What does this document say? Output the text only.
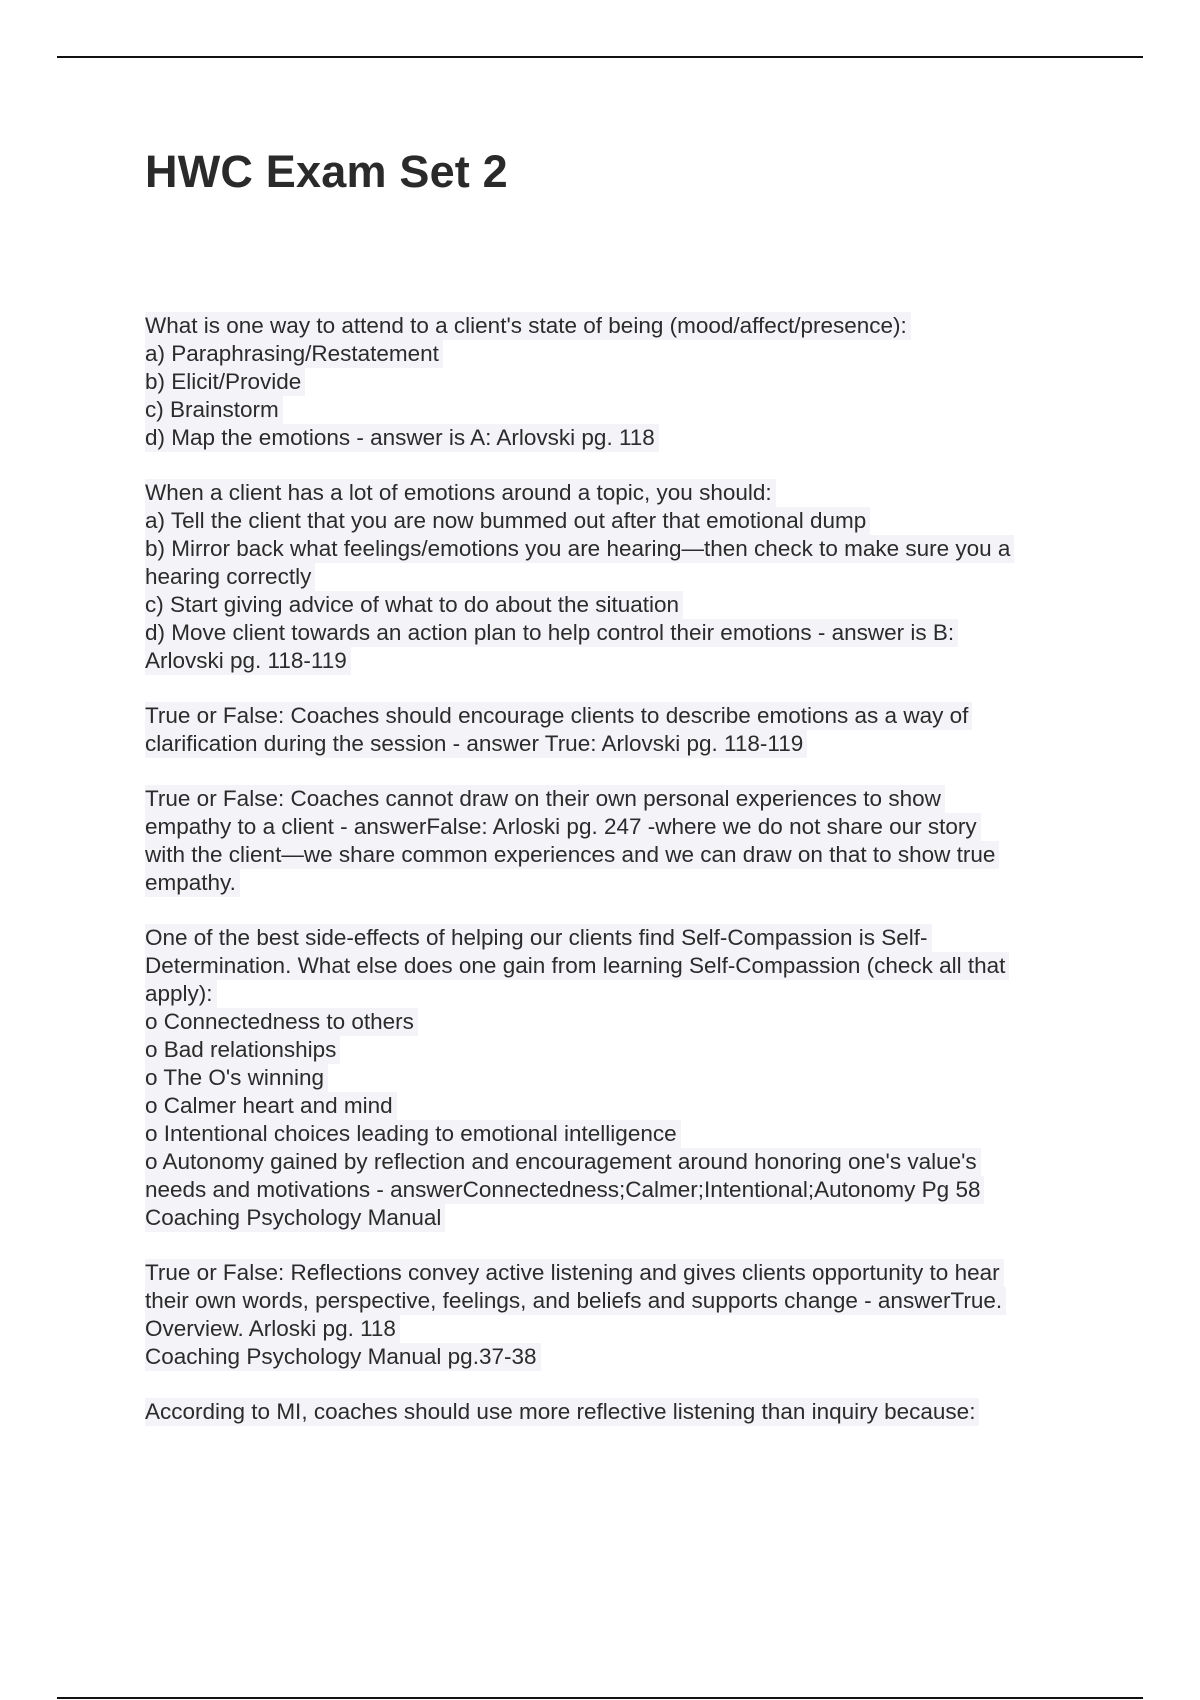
HWC Exam Set 2
What is one way to attend to a client's state of being (mood/affect/presence):
a) Paraphrasing/Restatement
b) Elicit/Provide
c) Brainstorm
d) Map the emotions - answer is A: Arlovski pg. 118
When a client has a lot of emotions around a topic, you should:
a) Tell the client that you are now bummed out after that emotional dump
b) Mirror back what feelings/emotions you are hearing—then check to make sure you a
hearing correctly
c) Start giving advice of what to do about the situation
d) Move client towards an action plan to help control their emotions - answer is B:
Arlovski pg. 118-119
True or False: Coaches should encourage clients to describe emotions as a way of
clarification during the session - answer True: Arlovski pg. 118-119
True or False: Coaches cannot draw on their own personal experiences to show
empathy to a client - answerFalse: Arloski pg. 247 -where we do not share our story
with the client—we share common experiences and we can draw on that to show true
empathy.
One of the best side-effects of helping our clients find Self-Compassion is Self-
Determination. What else does one gain from learning Self-Compassion (check all that
apply):
o Connectedness to others
o Bad relationships
o The O's winning
o Calmer heart and mind
o Intentional choices leading to emotional intelligence
o Autonomy gained by reflection and encouragement around honoring one's value's
needs and motivations - answerConnectedness;Calmer;Intentional;Autonomy Pg 58
Coaching Psychology Manual
True or False: Reflections convey active listening and gives clients opportunity to hear
their own words, perspective, feelings, and beliefs and supports change - answerTrue.
Overview. Arloski pg. 118
Coaching Psychology Manual pg.37-38
According to MI, coaches should use more reflective listening than inquiry because:
